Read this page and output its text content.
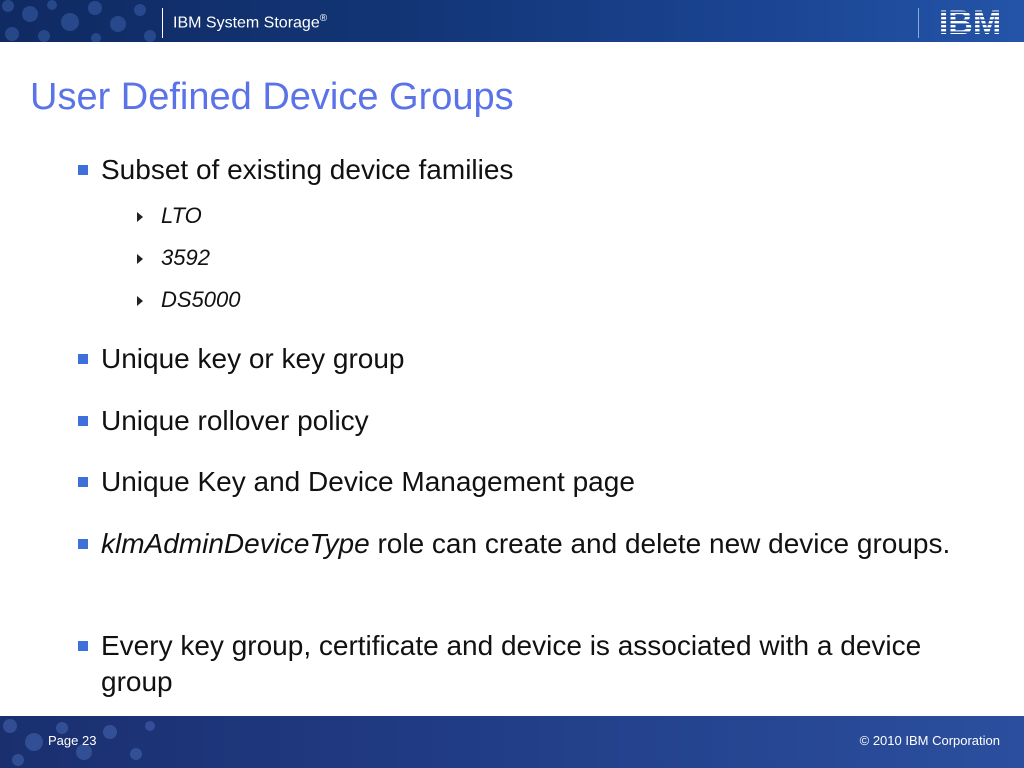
IBM System Storage®	IBM
User Defined Device Groups
Subset of existing device families
LTO
3592
DS5000
Unique key or key group
Unique rollover policy
Unique Key and Device Management page
klmAdminDeviceType role can create and delete new device groups.
Every key group, certificate and device is associated with a device group
Page 23	© 2010 IBM Corporation
